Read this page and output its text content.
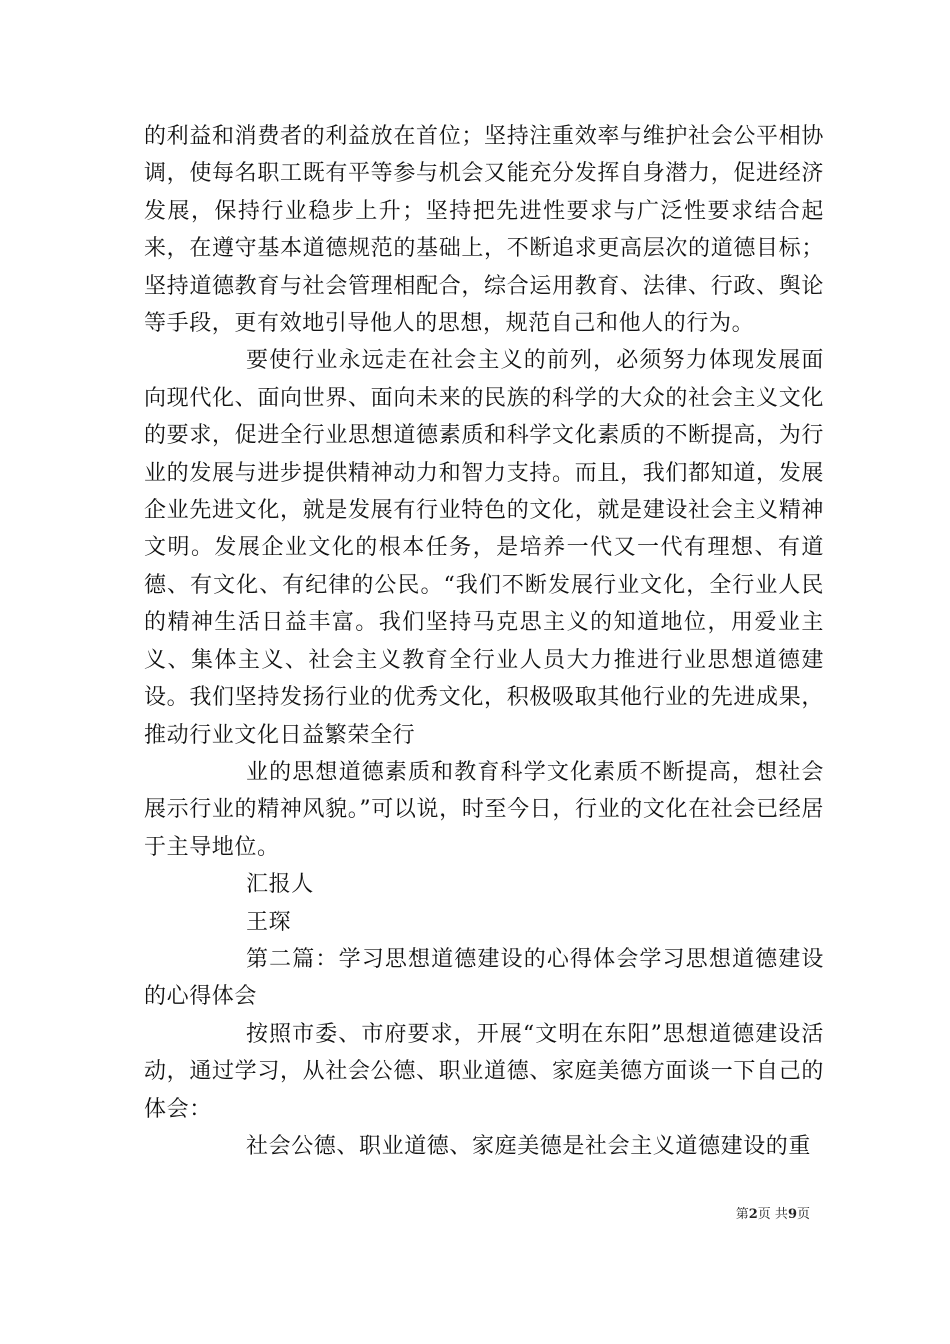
的利益和消费者的利益放在首位；坚持注重效率与维护社会公平相协调，使每名职工既有平等参与机会又能充分发挥自身潜力，促进经济发展，保持行业稳步上升；坚持把先进性要求与广泛性要求结合起来，在遵守基本道德规范的基础上，不断追求更高层次的道德目标；坚持道德教育与社会管理相配合，综合运用教育、法律、行政、舆论等手段，更有效地引导他人的思想，规范自己和他人的行为。

要使行业永远走在社会主义的前列，必须努力体现发展面向现代化、面向世界、面向未来的民族的科学的大众的社会主义文化的要求，促进全行业思想道德素质和科学文化素质的不断提高，为行业的发展与进步提供精神动力和智力支持。而且，我们都知道，发展企业先进文化，就是发展有行业特色的文化，就是建设社会主义精神文明。发展企业文化的根本任务，是培养一代又一代有理想、有道德、有文化、有纪律的公民。“我们不断发展行业文化，全行业人民的精神生活日益丰富。我们坚持马克思主义的知道地位，用爱业主义、集体主义、社会主义教育全行业人员大力推进行业思想道德建设。我们坚持发扬行业的优秀文化，积极吸取其他行业的先进成果，推动行业文化日益繁荣全行

业的思想道德素质和教育科学文化素质不断提高，想社会展示行业的精神风貌。”可以说，时至今日，行业的文化在社会已经居于主导地位。

汇报人

王琛

第二篇：学习思想道德建设的心得体会学习思想道德建设的心得体会

按照市委、市府要求，开展“文明在东阳”思想道德建设活动，通过学习，从社会公德、职业道德、家庭美德方面谈一下自己的体会：

社会公德、职业道德、家庭美德是社会主义道德建设的重

第2页 共9页
